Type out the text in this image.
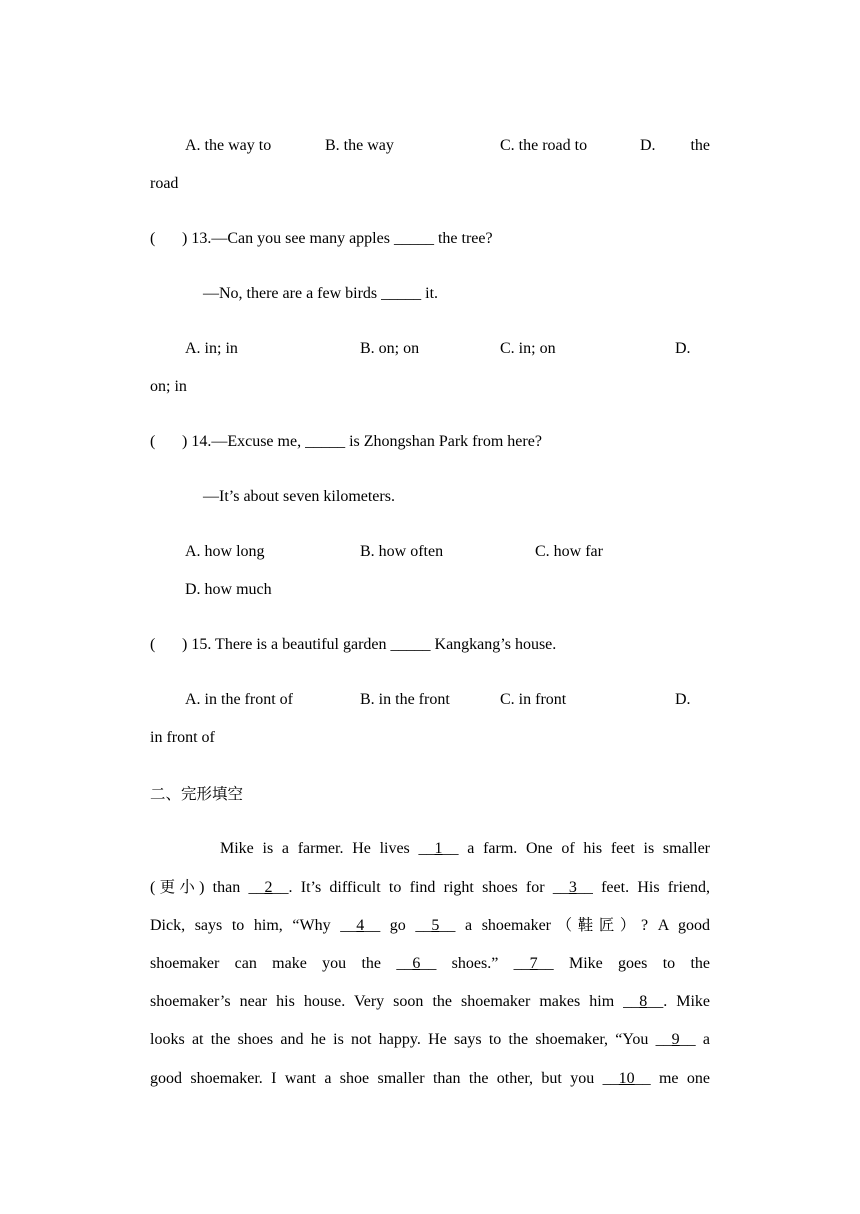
A. the way to	B. the way	C. the road to	D. the
road
( ) 13.—Can you see many apples _____ the tree?
—No, there are a few birds _____ it.
A. in; in	B. on; on	C. in; on	D.
on; in
( ) 14.—Excuse me, _____ is Zhongshan Park from here?
—It’s about seven kilometers.
A. how long	B. how often	C. how far
D. how much
( ) 15. There is a beautiful garden _____ Kangkang’s house.
A. in the front of	B. in the front	C. in front	D.
in front of
二、完形填空
Mike is a farmer. He lives __1__ a farm. One of his feet is smaller
(更小) than __2__. It’s difficult to find right shoes for __3__ feet. His friend,
Dick, says to him, “Why __4__ go __5__ a shoemaker（鞋匠）? A good
shoemaker can make you the __6__ shoes.” __7__ Mike goes to the
shoemaker’s near his house. Very soon the shoemaker makes him __8__. Mike
looks at the shoes and he is not happy. He says to the shoemaker, “You __9__ a
good shoemaker. I want a shoe smaller than the other, but you __10__ me one
